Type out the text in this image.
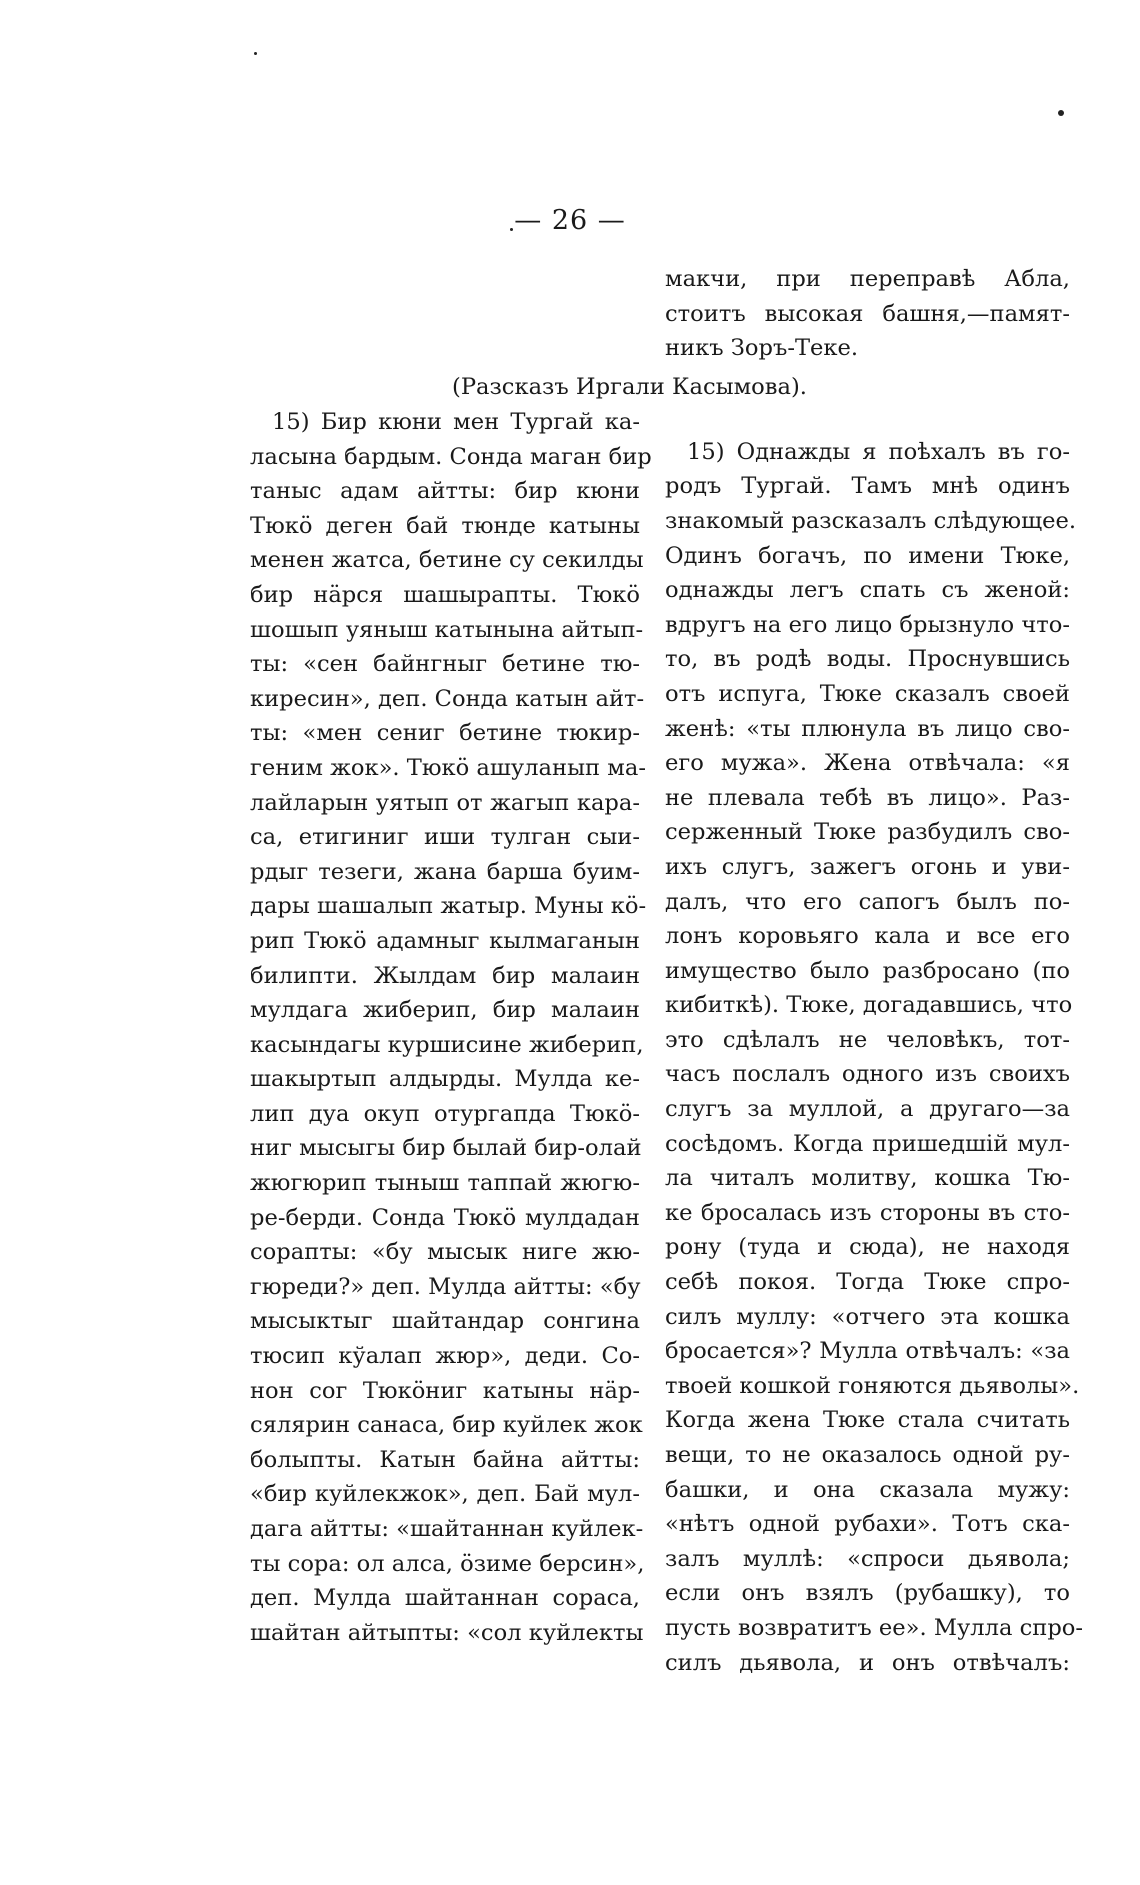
— 26 —
макчи, при переправѣ Абла,
стоитъ высокая башня,—памят-
никъ Зоръ-Теке.
15) Однажды я поѣхалъ въ го-
родъ Тургай. Тамъ мнѣ одинъ
знакомый разсказалъ слѣдующее.
Одинъ богачъ, по имени Тюке,
однажды легъ спать съ женой:
вдругъ на его лицо брызнуло что-
то, въ родѣ воды. Проснувшись
отъ испуга, Тюке сказалъ своей
женѣ: «ты плюнула въ лицо сво-
его мужа». Жена отвѣчала: «я
не плевала тебѣ въ лицо». Раз-
серженный Тюке разбудилъ сво-
ихъ слугъ, зажегъ огонь и уви-
далъ, что его сапогъ былъ по-
лонъ коровьяго кала и все его
имущество было разбросано (по
кибиткѣ). Тюке, догадавшись, что
это сдѣлалъ не человѣкъ, тот-
часъ послалъ одного изъ своихъ
слугъ за муллой, а другаго—за
сосѣдомъ. Когда пришедшій мул-
ла читалъ молитву, кошка Тю-
ке бросалась изъ стороны въ сто-
рону (туда и сюда), не находя
себѣ покоя. Тогда Тюке спро-
силъ муллу: «отчего эта кошка
бросается»? Мулла отвѣчалъ: «за
твоей кошкой гоняются дьяволы».
Когда жена Тюке стала считать
вещи, то не оказалось одной ру-
башки, и она сказала мужу:
«нѣтъ одной рубахи». Тотъ ска-
залъ муллѣ: «спроси дьявола;
если онъ взялъ (рубашку), то
пусть возвратитъ ее». Мулла спро-
силъ дьявола, и онъ отвѣчалъ:
(Разсказъ Иргали Касымова).
15) Бир кюни мен Тургай ка-
ласына бардым. Сонда маган бир
таныс адам айтты: бир кюни
Тюкö деген бай тюнде катыны
менен жатса, бетине су секилды
бир нäрся шашырапты. Тюкö
шошып уяныш катынына айтып-
ты: «сен байнгныг бетине тю-
киресин», деп. Сонда катын айт-
ты: «мен сениг бетине тюкир-
геним жок». Тюкö ашуланып ма-
лайларын уятып от жагып кара-
са, етигиниг иши тулган сыи-
рдыг тезеги, жана барша буим-
дары шашалып жатыр. Муны кö-
рип Тюкö адамныг кылмаганын
билипти. Жылдам бир малаин
мулдага жиберип, бир малаин
касындагы куршисине жиберип,
шакыртып алдырды. Мулда ке-
лип дуа окуп отургапда Тюкö-
ниг мысыгы бир былай бир-олай
жюгюрип тыныш таппай жюгю-
ре-берди. Сонда Тюкö мулдадан
сорапты: «бу мысык ниге жю-
гюреди?» деп. Мулда айтты: «бу
мысыктыг шайтандар сонгина
тюсип кўалап жюр», деди. Со-
нон сог Тюкöниг катыны нäр-
сялярин санаса, бир куйлек жок
болыпты. Катын байна айтты:
«бир куйлекжок», деп. Бай мул-
дага айтты: «шайтаннан куйлек-
ты сора: ол алса, öзиме берсин»,
деп. Мулда шайтаннан сораса,
шайтан айтыпты: «сол куйлекты
